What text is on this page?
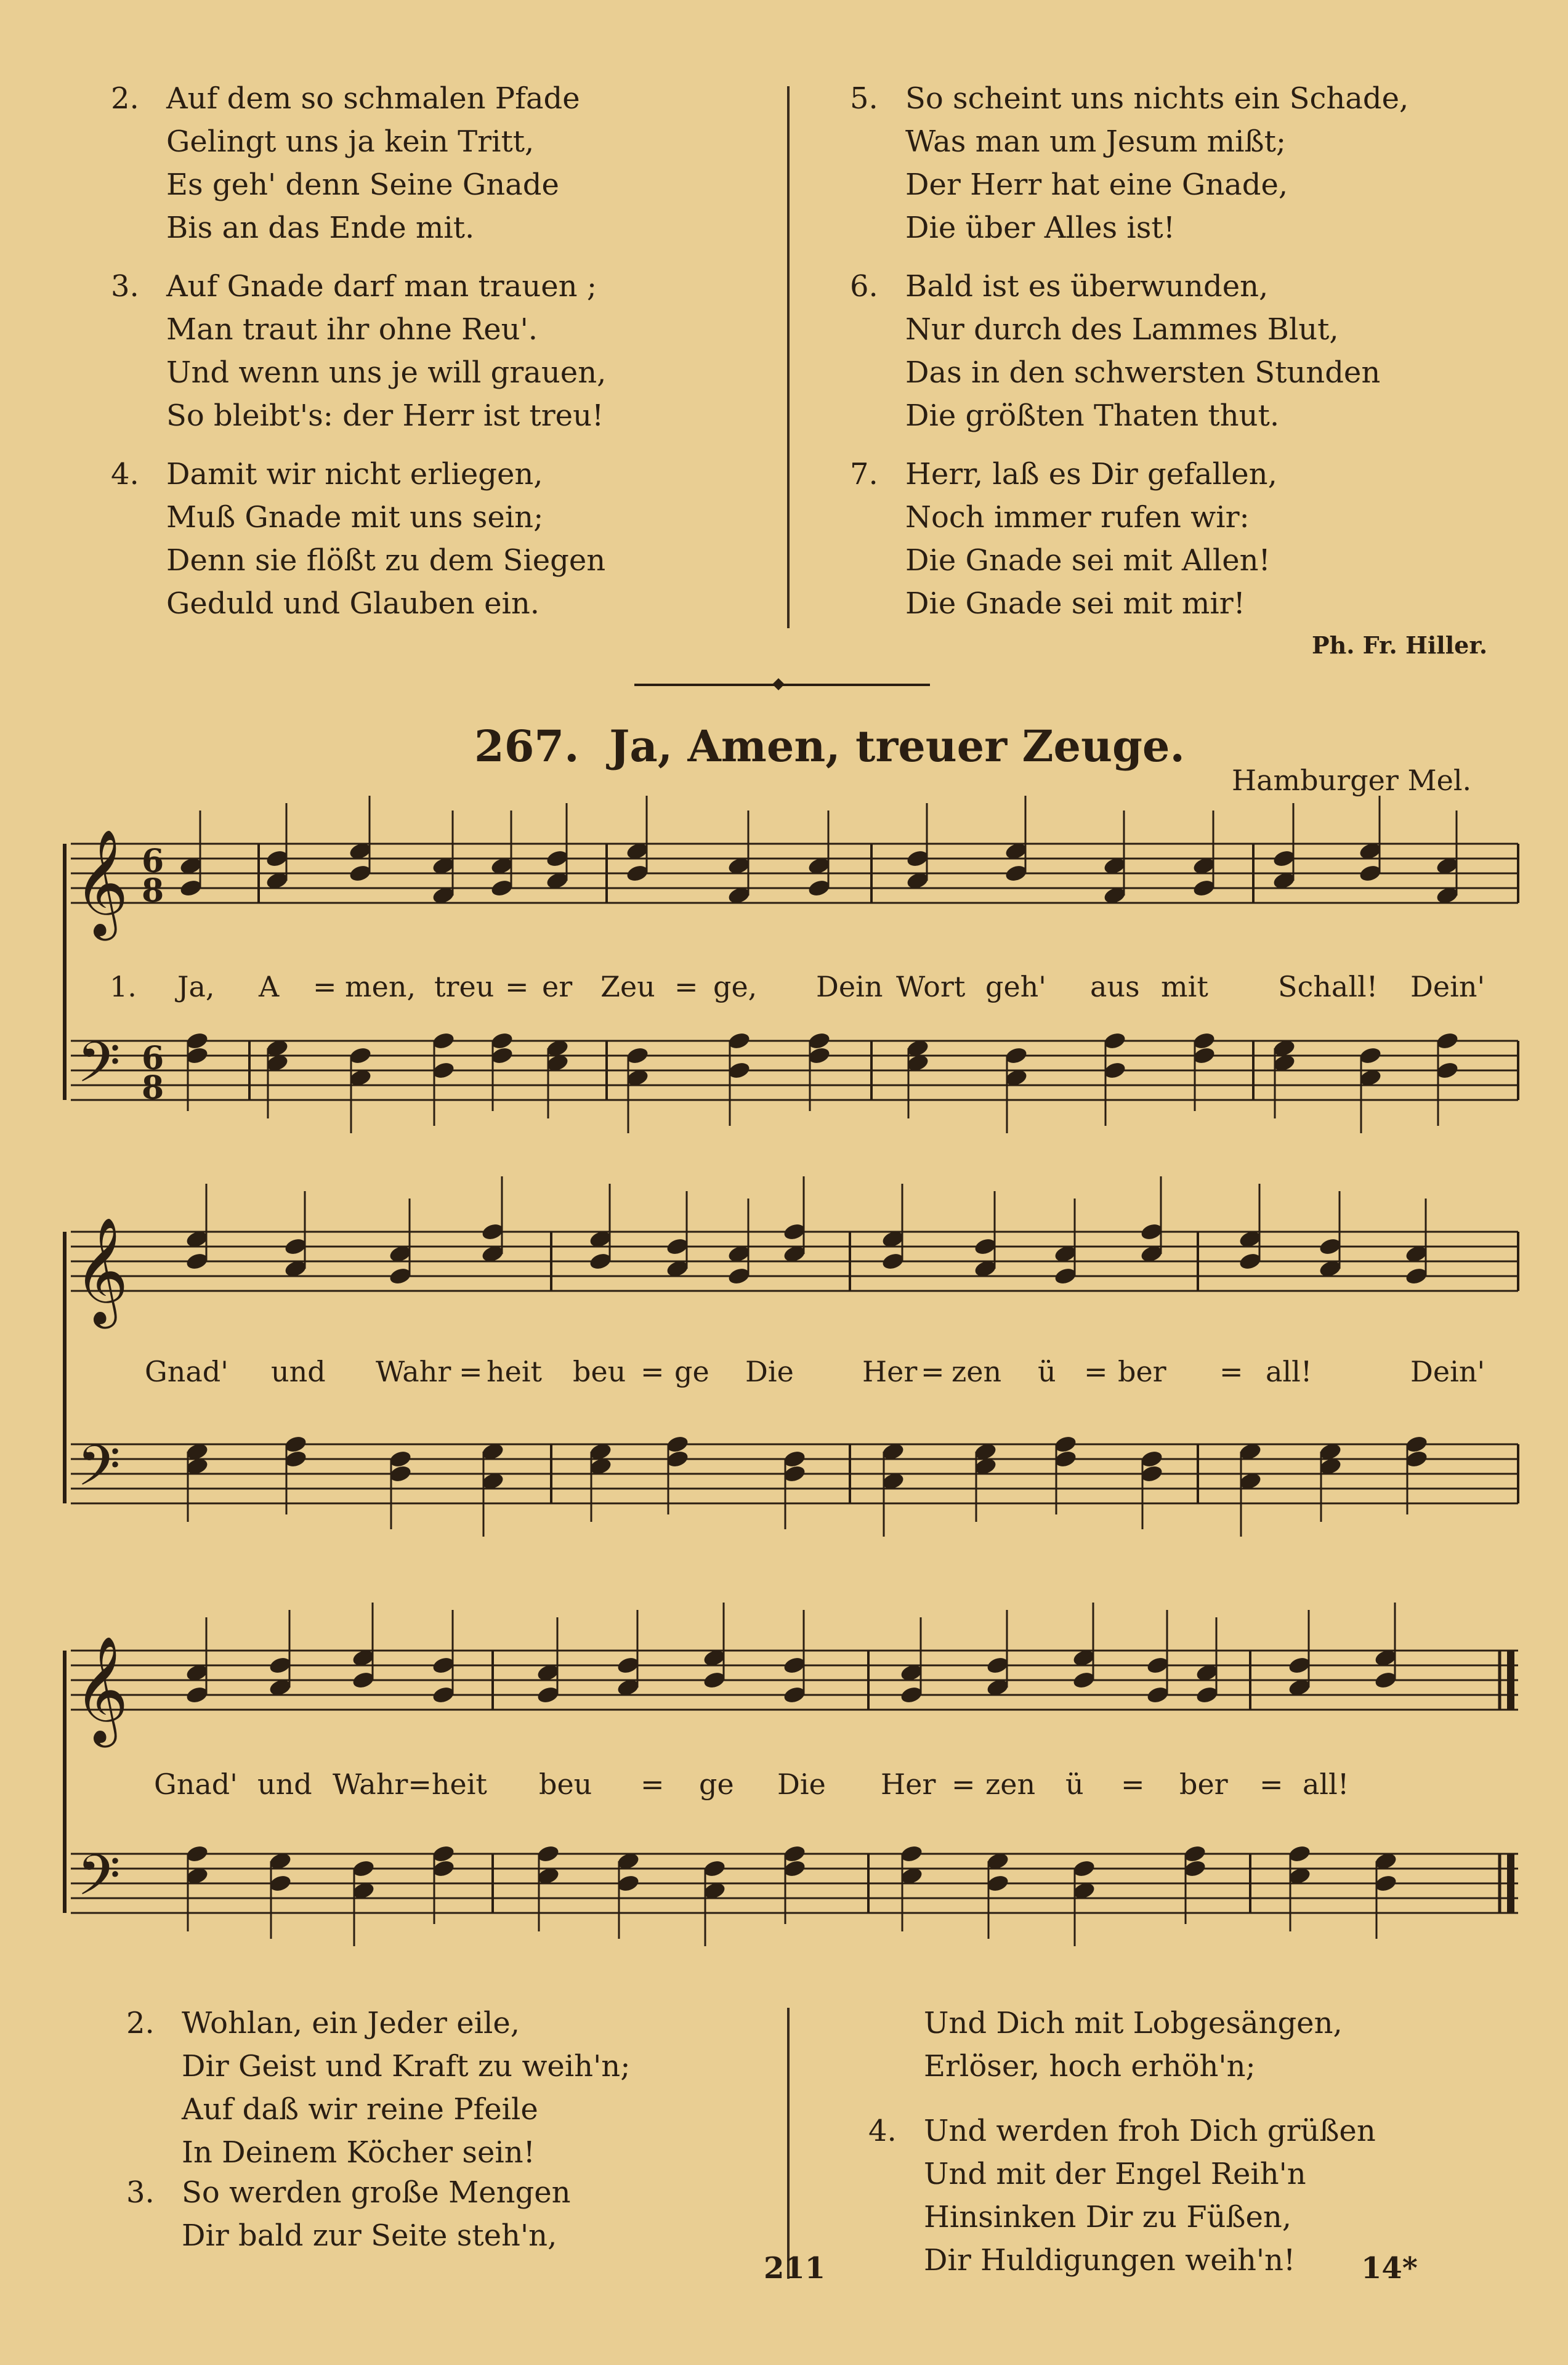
2. Auf dem so schmalen Pfade
Gelingt uns ja kein Tritt,
Es geh' denn Seine Gnade
Bis an das Ende mit.
3. Auf Gnade darf man trauen ;
Man traut ihr ohne Reu'.
Und wenn uns je will grauen,
So bleibt's: der Herr ist treu!
4. Damit wir nicht erliegen,
Muß Gnade mit uns sein;
Denn sie flößt zu dem Siegen
Geduld und Glauben ein.
5. So scheint uns nichts ein Schade,
Was man um Jesum mißt;
Der Herr hat eine Gnade,
Die über Alles ist!
6. Bald ist es überwunden,
Nur durch des Lammes Blut,
Das in den schwersten Stunden
Die größten Thaten thut.
7. Herr, laß es Dir gefallen,
Noch immer rufen wir:
Die Gnade sei mit Allen!
Die Gnade sei mit mir!
Ph. Fr. Hiller.
267. Ja, Amen, treuer Zeuge.
Hamburger Mel.
𝄞 6
8
𝄢 6
8
𝄞
𝄢
𝄞
𝄢
1. Ja, A = men, treu = er Zeu = ge, Dein Wort geh' aus mit Schall! Dein'
Gnad' und Wahr = heit beu = ge Die Her = zen ü = ber = all!	Dein'
Gnad' und Wahr=heit beu = ge Die Her = zen ü = ber = all!
2. Wohlan, ein Jeder eile,
Dir Geist und Kraft zu weih'n;
Auf daß wir reine Pfeile
In Deinem Köcher sein!
3. So werden große Mengen
Dir bald zur Seite steh'n,
Und Dich mit Lobgesängen,
Erlöser, hoch erhöh'n;
4. Und werden froh Dich grüßen
Und mit der Engel Reih'n
Hinsinken Dir zu Füßen,
Dir Huldigungen weih'n!
211	14*
